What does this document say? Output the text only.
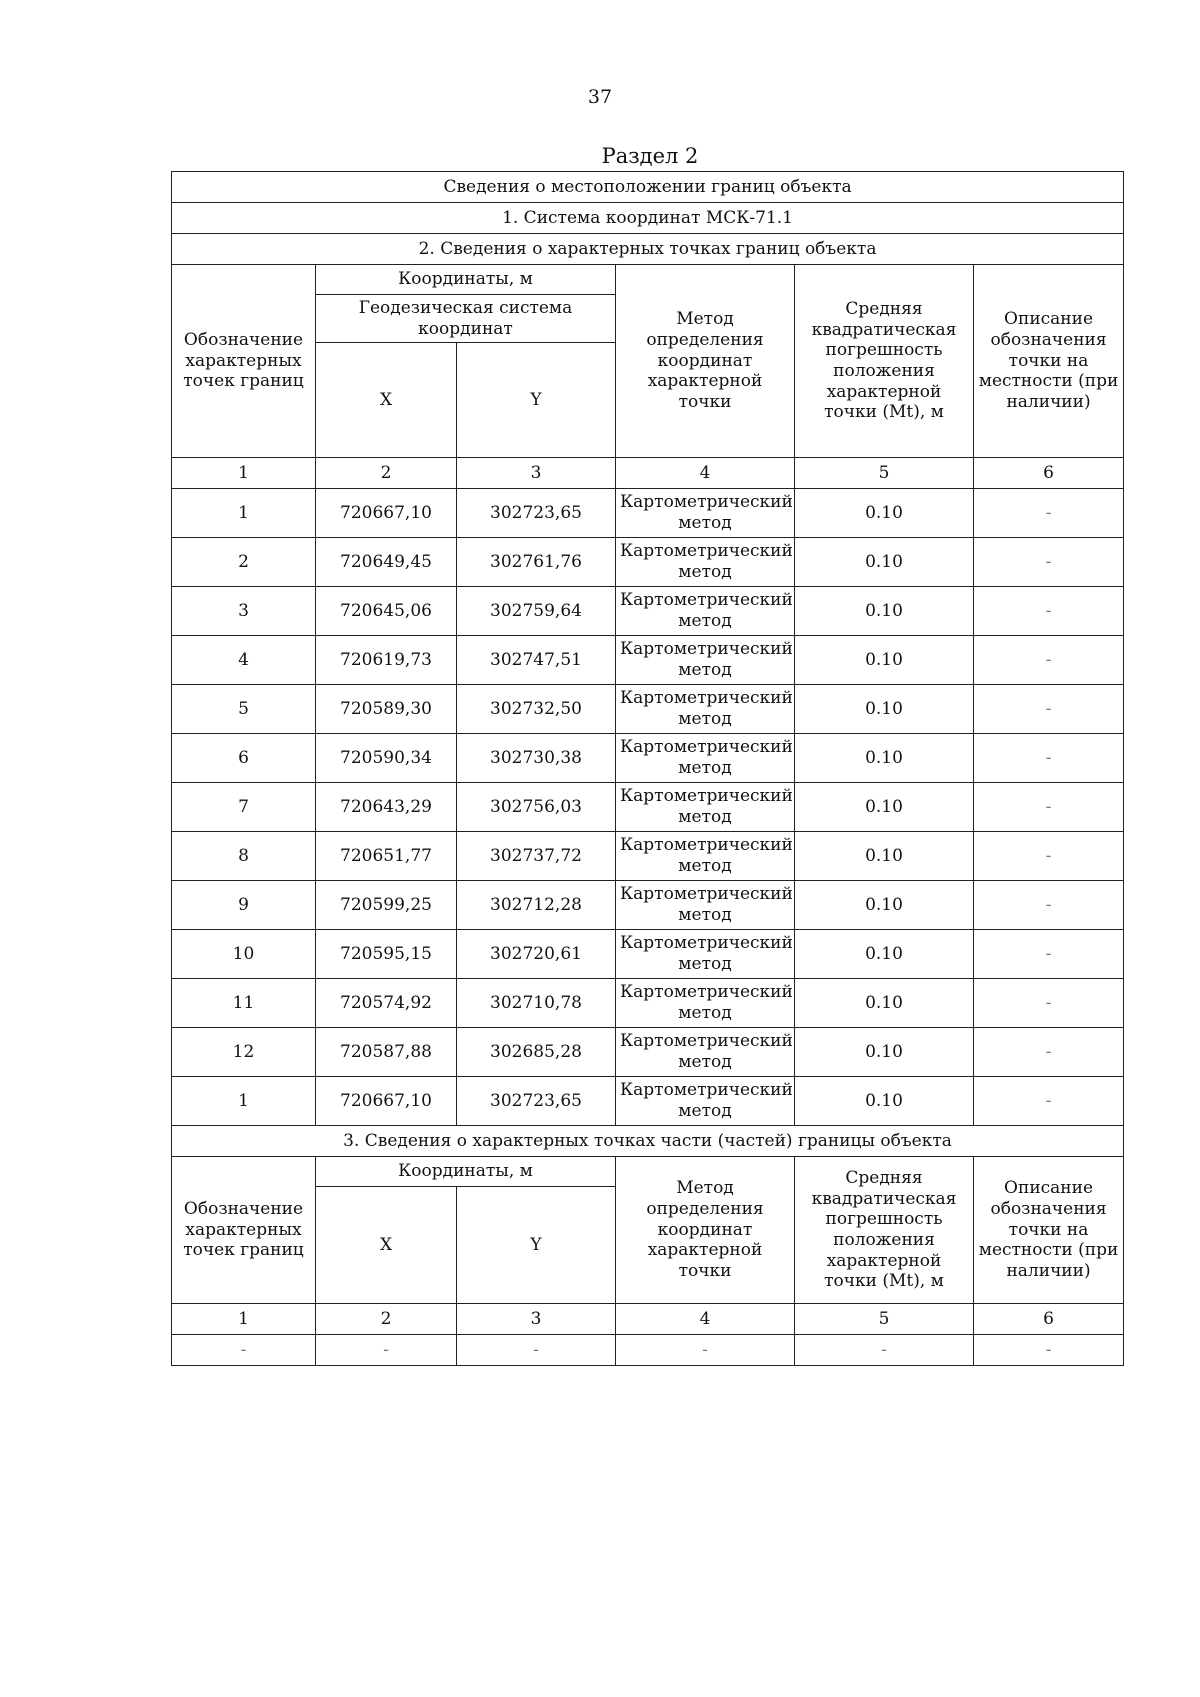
37
Раздел 2
Сведения о местоположении границ объекта					
1. Система координат МСК-71.1					
2. Сведения о характерных точках границ объекта					
Обозначение характерных точек границ	Координаты, м		Метод определения координат характерной точки	Средняя квадратическая погрешность положения характерной точки (Mt), м	Описание обозначения точки на местности (при наличии)
	Геодезическая система координат				
	X	Y			
1	2	3	4	5	6
1	720667,10	302723,65	Картометрический метод	0.10	-
2	720649,45	302761,76	Картометрический метод	0.10	-
3	720645,06	302759,64	Картометрический метод	0.10	-
4	720619,73	302747,51	Картометрический метод	0.10	-
5	720589,30	302732,50	Картометрический метод	0.10	-
6	720590,34	302730,38	Картометрический метод	0.10	-
7	720643,29	302756,03	Картометрический метод	0.10	-
8	720651,77	302737,72	Картометрический метод	0.10	-
9	720599,25	302712,28	Картометрический метод	0.10	-
10	720595,15	302720,61	Картометрический метод	0.10	-
11	720574,92	302710,78	Картометрический метод	0.10	-
12	720587,88	302685,28	Картометрический метод	0.10	-
1	720667,10	302723,65	Картометрический метод	0.10	-
3. Сведения о характерных точках части (частей) границы объекта					
Обозначение характерных точек границ	Координаты, м		Метод определения координат характерной точки	Средняя квадратическая погрешность положения характерной точки (Mt), м	Описание обозначения точки на местности (при наличии)
	X	Y			
1	2	3	4	5	6
-	-	-	-	-	-
